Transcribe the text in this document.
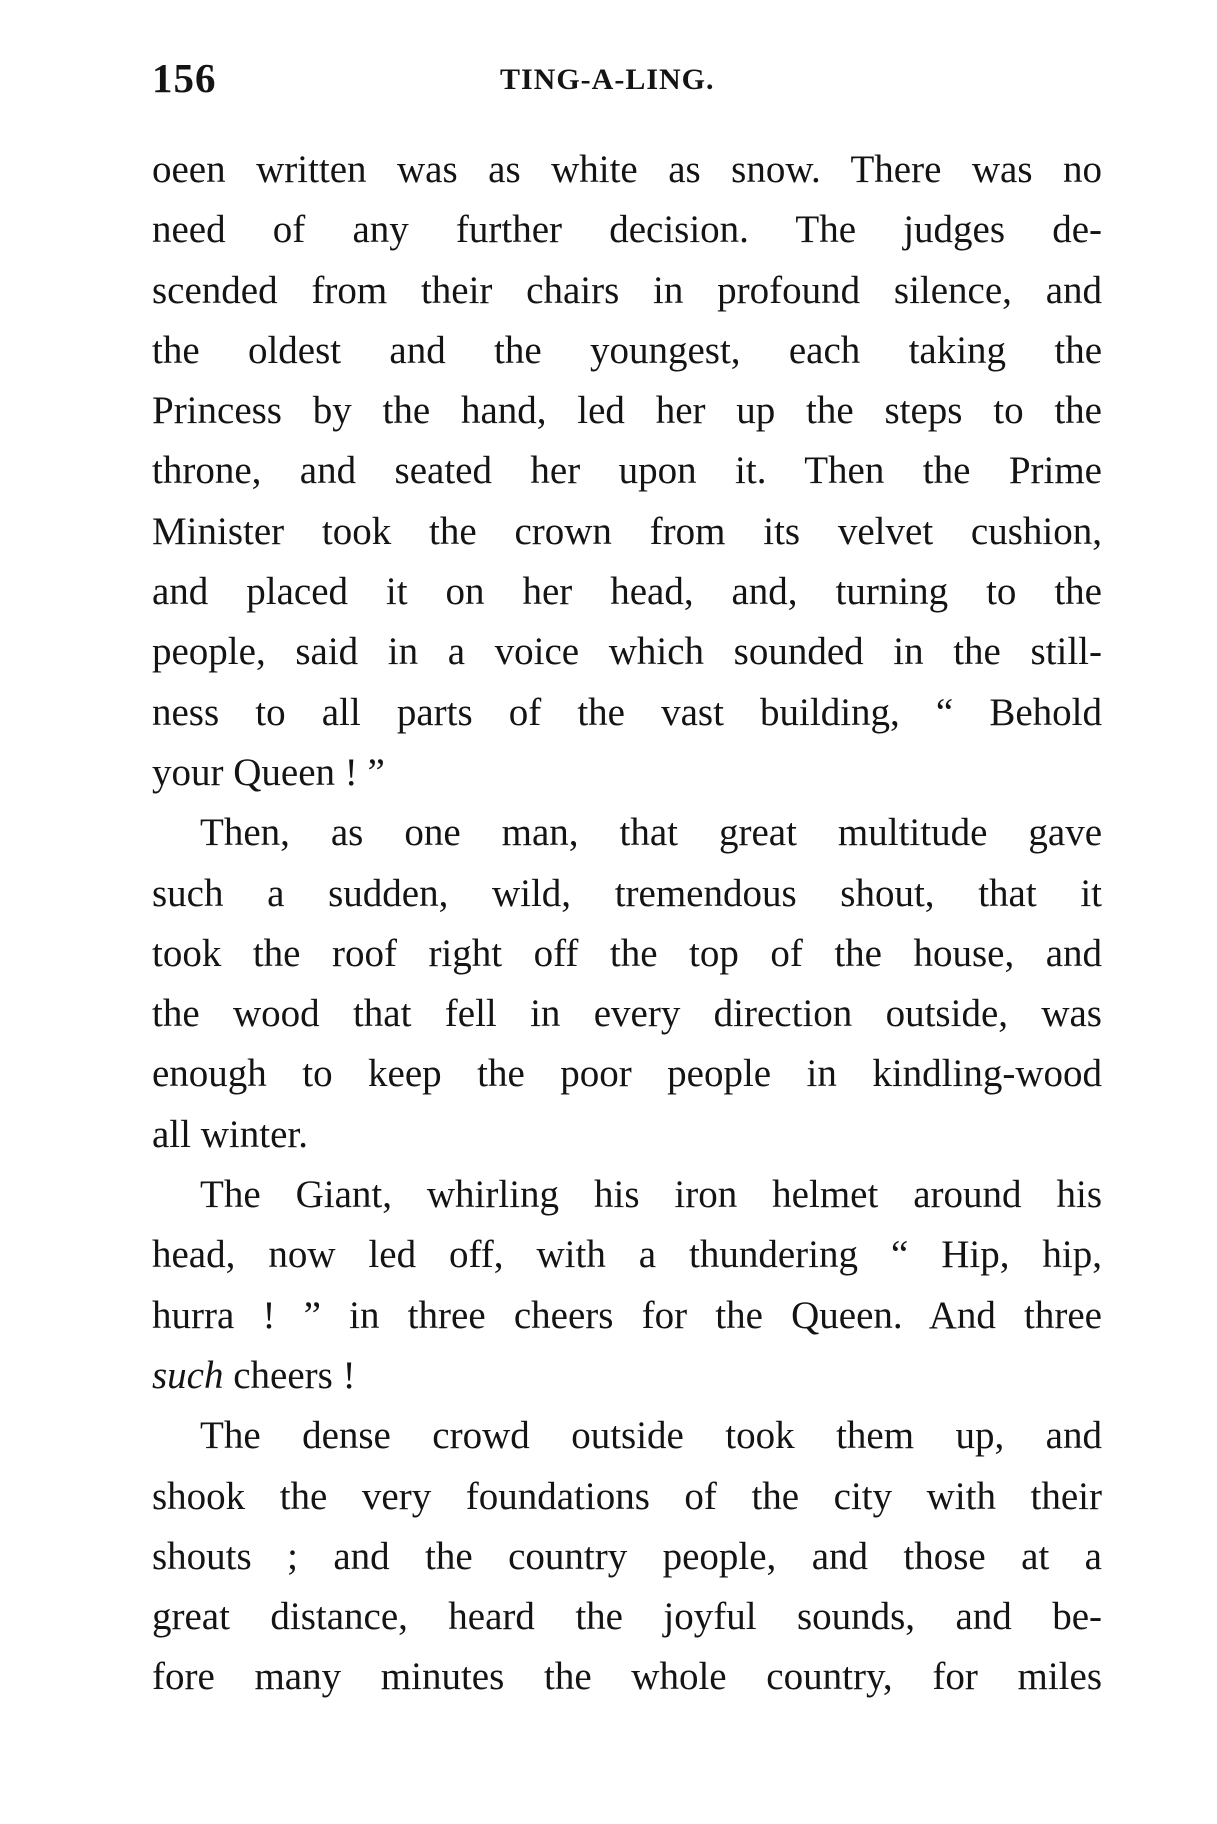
156	TING-A-LING.
oeen written was as white as snow. There was no
need of any further decision. The judges de-
scended from their chairs in profound silence, and
the oldest and the youngest, each taking the
Princess by the hand, led her up the steps to the
throne, and seated her upon it. Then the Prime
Minister took the crown from its velvet cushion,
and placed it on her head, and, turning to the
people, said in a voice which sounded in the still-
ness to all parts of the vast building, “ Behold
your Queen ! ”
Then, as one man, that great multitude gave
such a sudden, wild, tremendous shout, that it
took the roof right off the top of the house, and
the wood that fell in every direction outside, was
enough to keep the poor people in kindling-wood
all winter.
The Giant, whirling his iron helmet around his
head, now led off, with a thundering “ Hip, hip,
hurra ! ” in three cheers for the Queen. And three
such cheers !
The dense crowd outside took them up, and
shook the very foundations of the city with their
shouts ; and the country people, and those at a
great distance, heard the joyful sounds, and be-
fore many minutes the whole country, for miles
